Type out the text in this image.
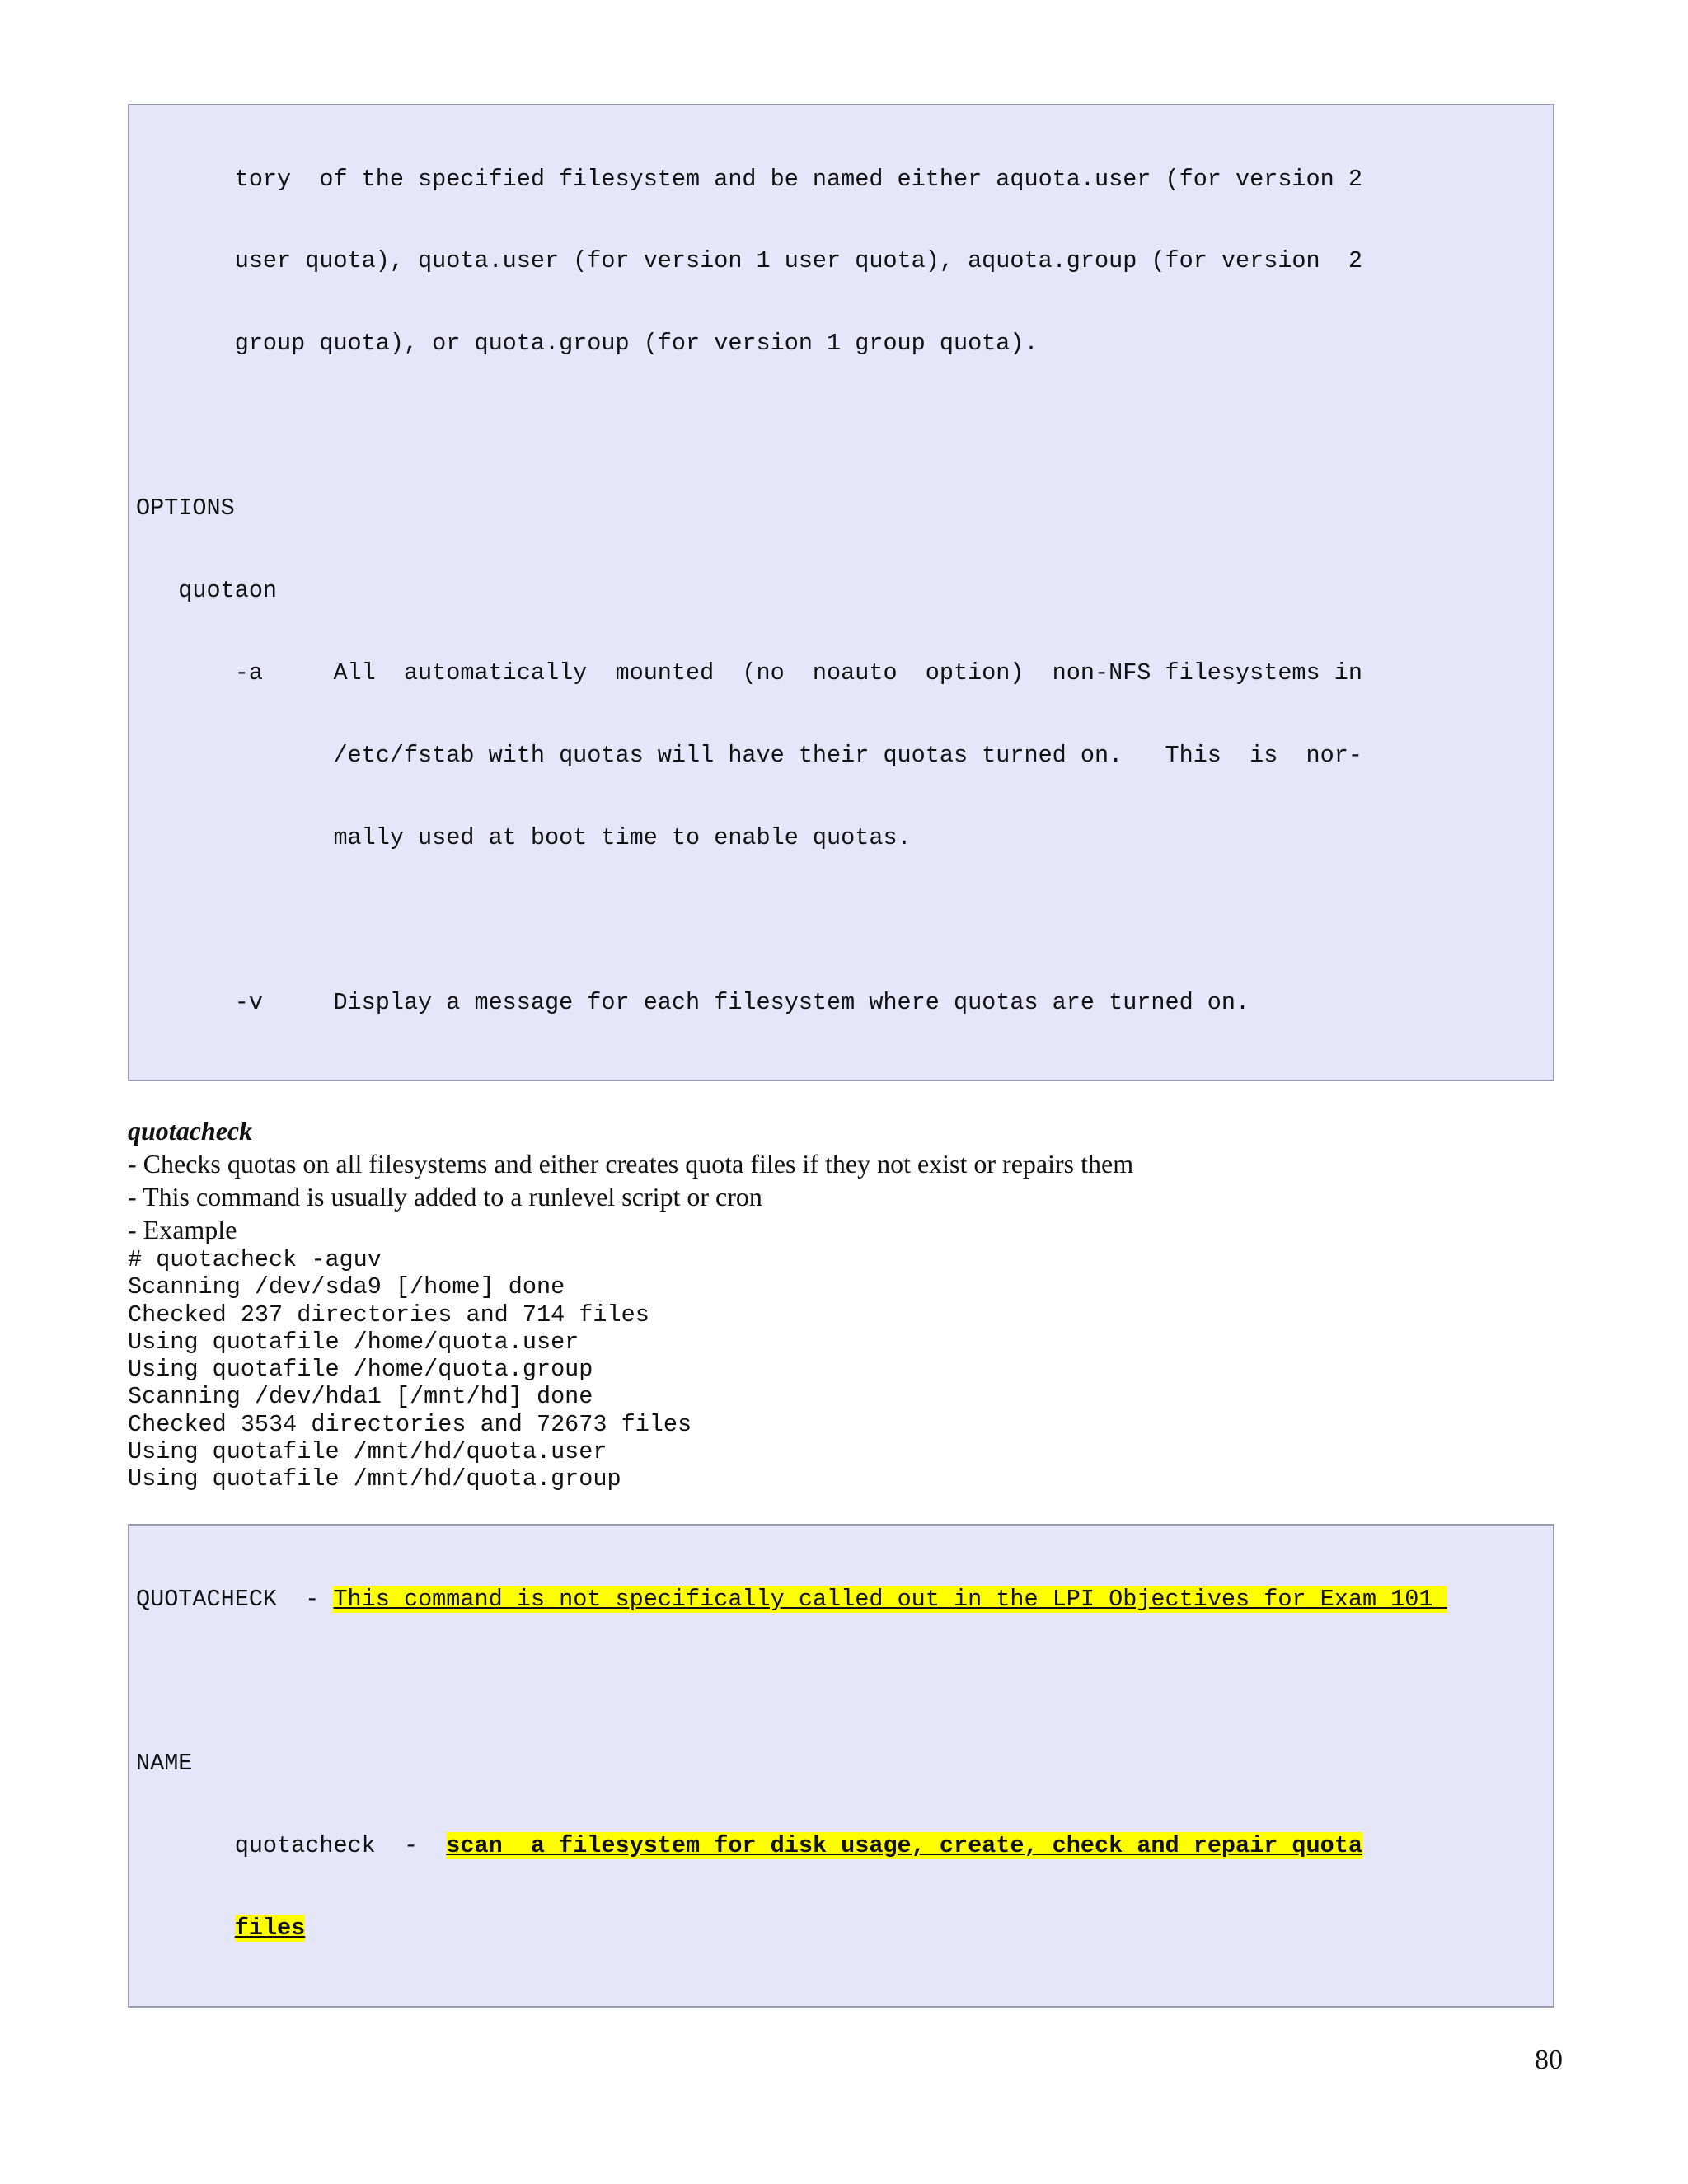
tory  of the specified filesystem and be named either aquota.user (for version 2

user quota), quota.user (for version 1 user quota), aquota.group (for version  2

group quota), or quota.group (for version 1 group quota).

OPTIONS

quotaon

-a     All  automatically  mounted  (no  noauto  option)  non-NFS filesystems in

/etc/fstab with quotas will have their quotas turned on.   This  is  nor-

mally used at boot time to enable quotas.

-v     Display a message for each filesystem where quotas are turned on.

quotacheck
- Checks quotas on all filesystems and either creates quota files if they not exist or repairs them
- This command is usually added to a runlevel script or cron
- Example
# quotacheck -aguv
Scanning /dev/sda9 [/home] done
Checked 237 directories and 714 files
Using quotafile /home/quota.user
Using quotafile /home/quota.group
Scanning /dev/hda1 [/mnt/hd] done
Checked 3534 directories and 72673 files
Using quotafile /mnt/hd/quota.user
Using quotafile /mnt/hd/quota.group

QUOTACHECK  - This command is not specifically called out in the LPI Objectives for Exam 101

NAME

quotacheck  -  scan  a filesystem for disk usage, create, check and repair quota

files

80
